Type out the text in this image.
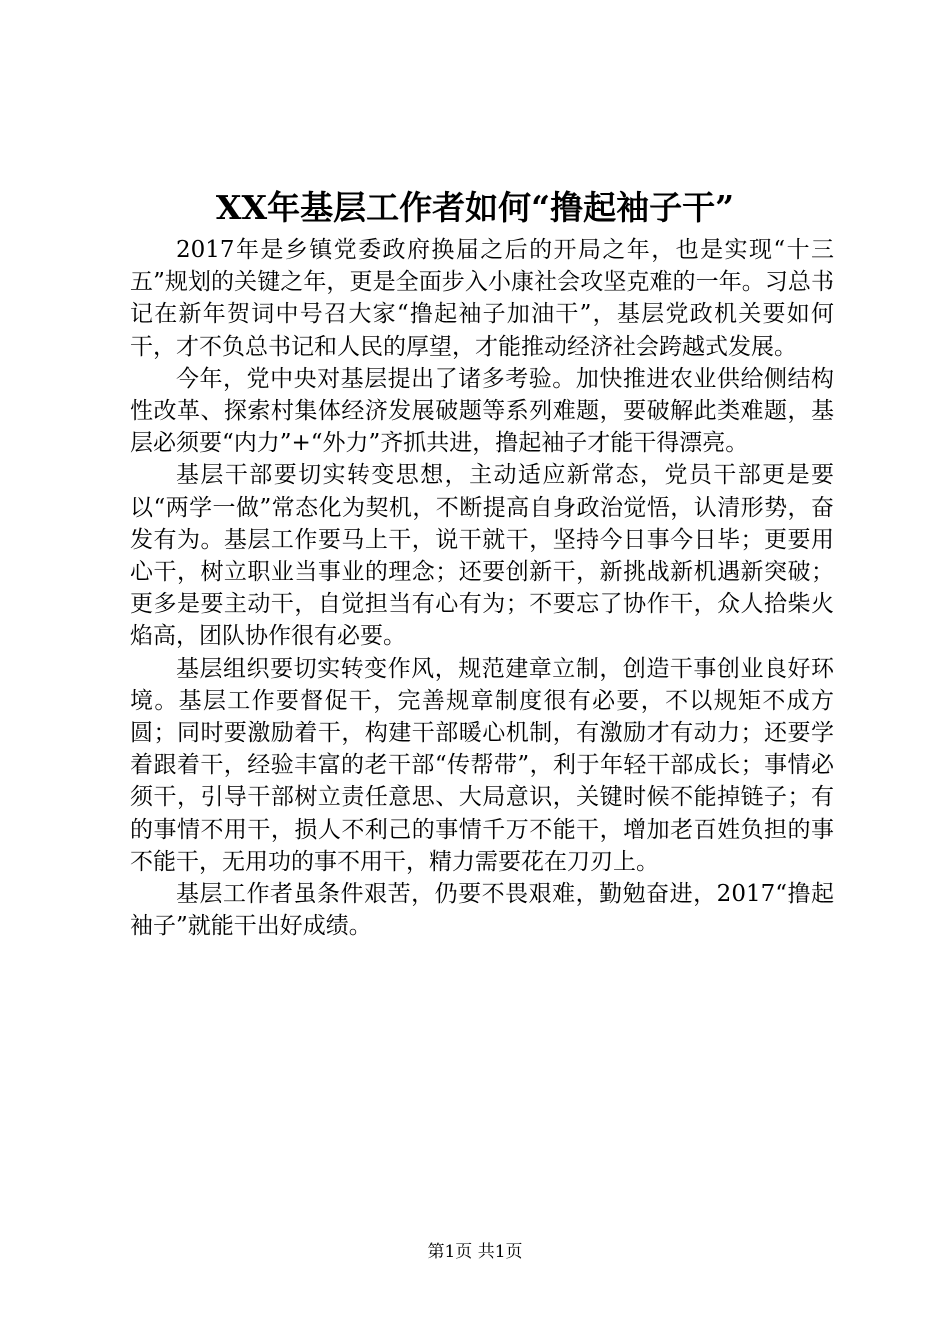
XX年基层工作者如何“撸起袖子干”

2017年是乡镇党委政府换届之后的开局之年，也是实现“十三五”规划的关键之年，更是全面步入小康社会攻坚克难的一年。习总书记在新年贺词中号召大家“撸起袖子加油干”，基层党政机关要如何干，才不负总书记和人民的厚望，才能推动经济社会跨越式发展。

今年，党中央对基层提出了诸多考验。加快推进农业供给侧结构性改革、探索村集体经济发展破题等系列难题，要破解此类难题，基层必须要“内力”+“外力”齐抓共进，撸起袖子才能干得漂亮。

基层干部要切实转变思想，主动适应新常态，党员干部更是要以“两学一做”常态化为契机，不断提高自身政治觉悟，认清形势，奋发有为。基层工作要马上干，说干就干，坚持今日事今日毕；更要用心干，树立职业当事业的理念；还要创新干，新挑战新机遇新突破；更多是要主动干，自觉担当有心有为；不要忘了协作干，众人拾柴火焰高，团队协作很有必要。

基层组织要切实转变作风，规范建章立制，创造干事创业良好环境。基层工作要督促干，完善规章制度很有必要，不以规矩不成方圆；同时要激励着干，构建干部暖心机制，有激励才有动力；还要学着跟着干，经验丰富的老干部“传帮带”，利于年轻干部成长；事情必须干，引导干部树立责任意思、大局意识，关键时候不能掉链子；有的事情不用干，损人不利己的事情千万不能干，增加老百姓负担的事不能干，无用功的事不用干，精力需要花在刀刃上。

基层工作者虽条件艰苦，仍要不畏艰难，勤勉奋进，2017“撸起袖子”就能干出好成绩。

第1页 共1页
